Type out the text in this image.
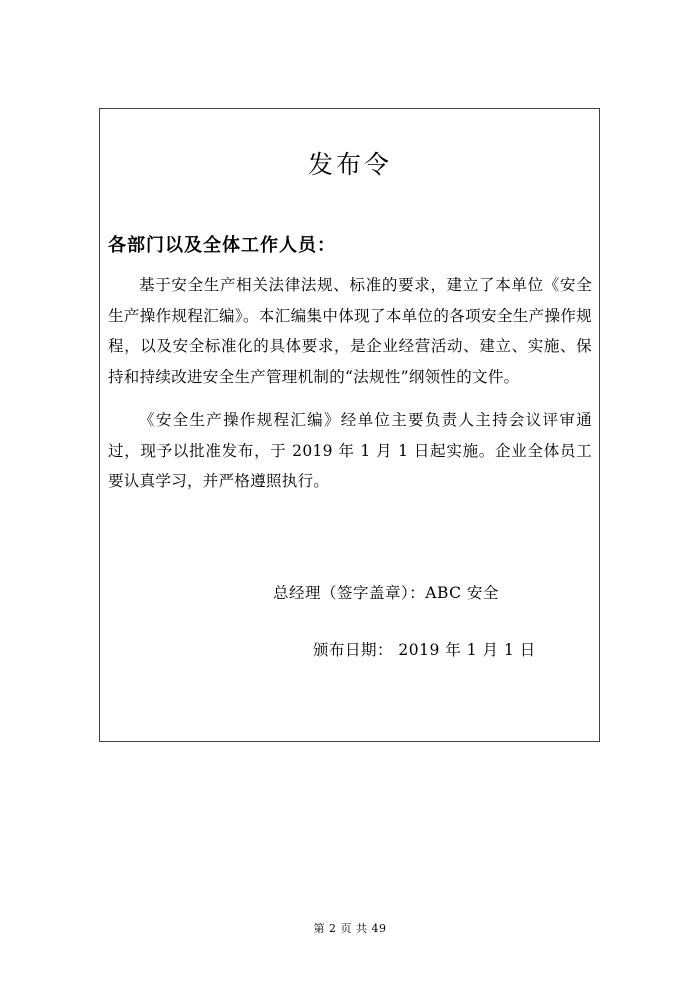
发布令
各部门以及全体工作人员：
基于安全生产相关法律法规、标准的要求，建立了本单位《安全生产操作规程汇编》。本汇编集中体现了本单位的各项安全生产操作规程，以及安全标准化的具体要求，是企业经营活动、建立、实施、保持和持续改进安全生产管理机制的“法规性”纲领性的文件。
《安全生产操作规程汇编》经单位主要负责人主持会议评审通过，现予以批准发布，于 2019 年 1 月 1 日起实施。企业全体员工要认真学习，并严格遵照执行。
总经理（签字盖章）：ABC 安全
颁布日期： 2019 年 1 月 1 日
第 2 页 共 49
